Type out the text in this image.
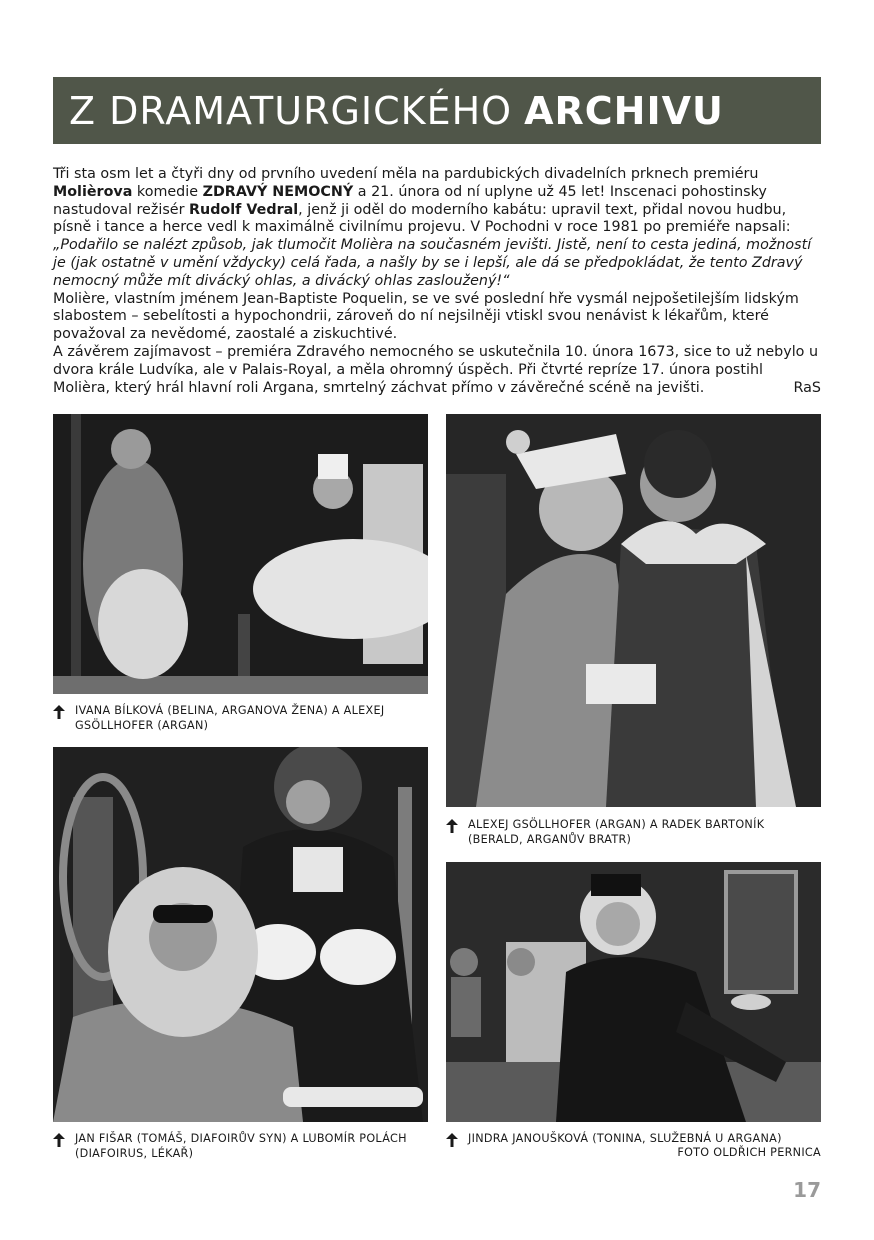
Z DRAMATURGICKÉHO ARCHIVU

Tři sta osm let a čtyři dny od prvního uvedení měla na pardubických divadelních prknech premiéru Molièrova komedie ZDRAVÝ NEMOCNÝ a 21. února od ní uplyne už 45 let! Inscenaci pohostinsky nastudoval režisér Rudolf Vedral, jenž ji oděl do moderního kabátu: upravil text, přidal novou hudbu, písně i tance a herce vedl k maximálně civilnímu projevu. V Pochodni v roce 1981 po premiéře napsali: „Podařilo se nalézt způsob, jak tlumočit Molièra na současném jevišti. Jistě, není to cesta jediná, možností je (jak ostatně v umění vždycky) celá řada, a našly by se i lepší, ale dá se předpokládat, že tento Zdravý nemocný může mít divácký ohlas, a divácký ohlas zasloužený!“

Molière, vlastním jménem Jean-Baptiste Poquelin, se ve své poslední hře vysmál nejpošetilejším lidským slabostem – sebelítosti a hypochondrii, zároveň do ní nejsilněji vtiskl svou nenávist k lékařům, které považoval za nevědomé, zaostalé a ziskuchtivé.

A závěrem zajímavost – premiéra Zdravého nemocného se uskutečnila 10. února 1673, sice to už nebylo u dvora krále Ludvíka, ale v Palais-Royal, a měla ohromný úspěch. Při čtvrté repríze 17. února postihl Molièra, který hrál hlavní roli Argana, smrtelný záchvat přímo v závěrečné scéně na jevišti.	RaS

IVANA BÍLKOVÁ (BELINA, ARGANOVA ŽENA) A ALEXEJ GSÖLLHOFER (ARGAN)
ALEXEJ GSÖLLHOFER (ARGAN) A RADEK BARTONÍK (BERALD, ARGANŮV BRATR)
JAN FIŠAR (TOMÁŠ, DIAFOIRŮV SYN) A LUBOMÍR POLÁCH (DIAFOIRUS, LÉKAŘ)
JINDRA JANOUŠKOVÁ (TONINA, SLUŽEBNÁ U ARGANA)
FOTO OLDŘICH PERNICA
17
